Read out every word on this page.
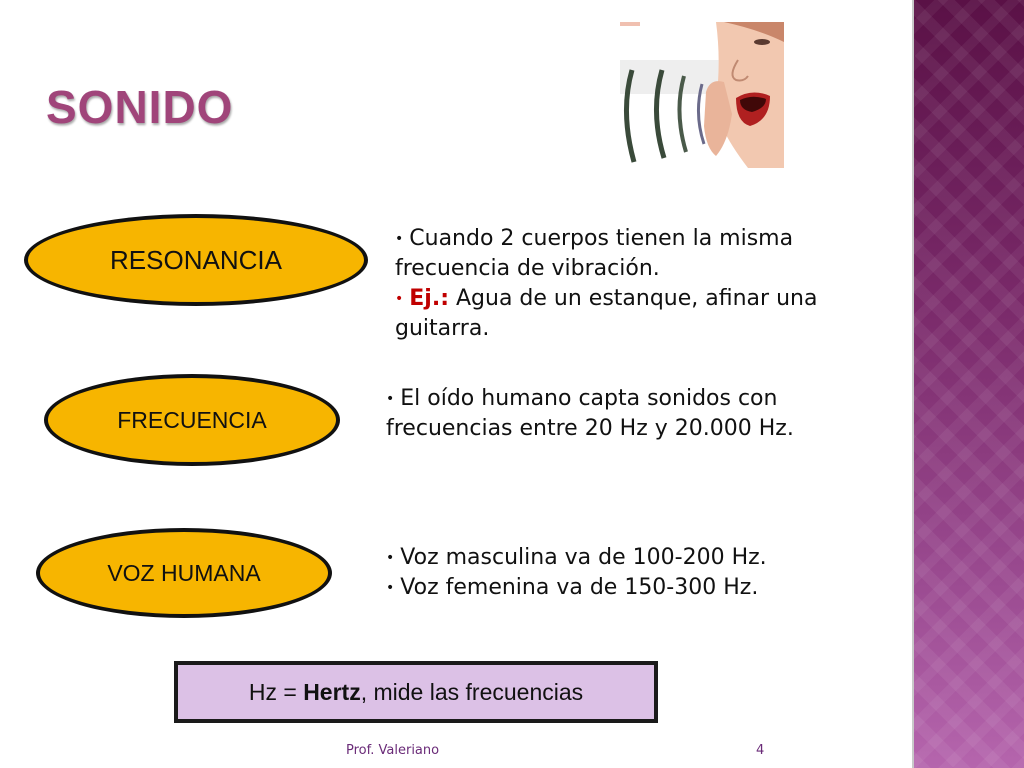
SONIDO
RESONANCIA
• Cuando 2 cuerpos tienen la misma frecuencia de vibración.
• Ej.: Agua de un estanque, afinar una guitarra.
FRECUENCIA
• El oído humano capta sonidos con frecuencias entre 20 Hz y 20.000 Hz.
VOZ HUMANA
• Voz masculina va de 100-200 Hz.
• Voz femenina va de 150-300 Hz.
Hz = Hertz , mide las frecuencias
Prof. Valeriano	4
